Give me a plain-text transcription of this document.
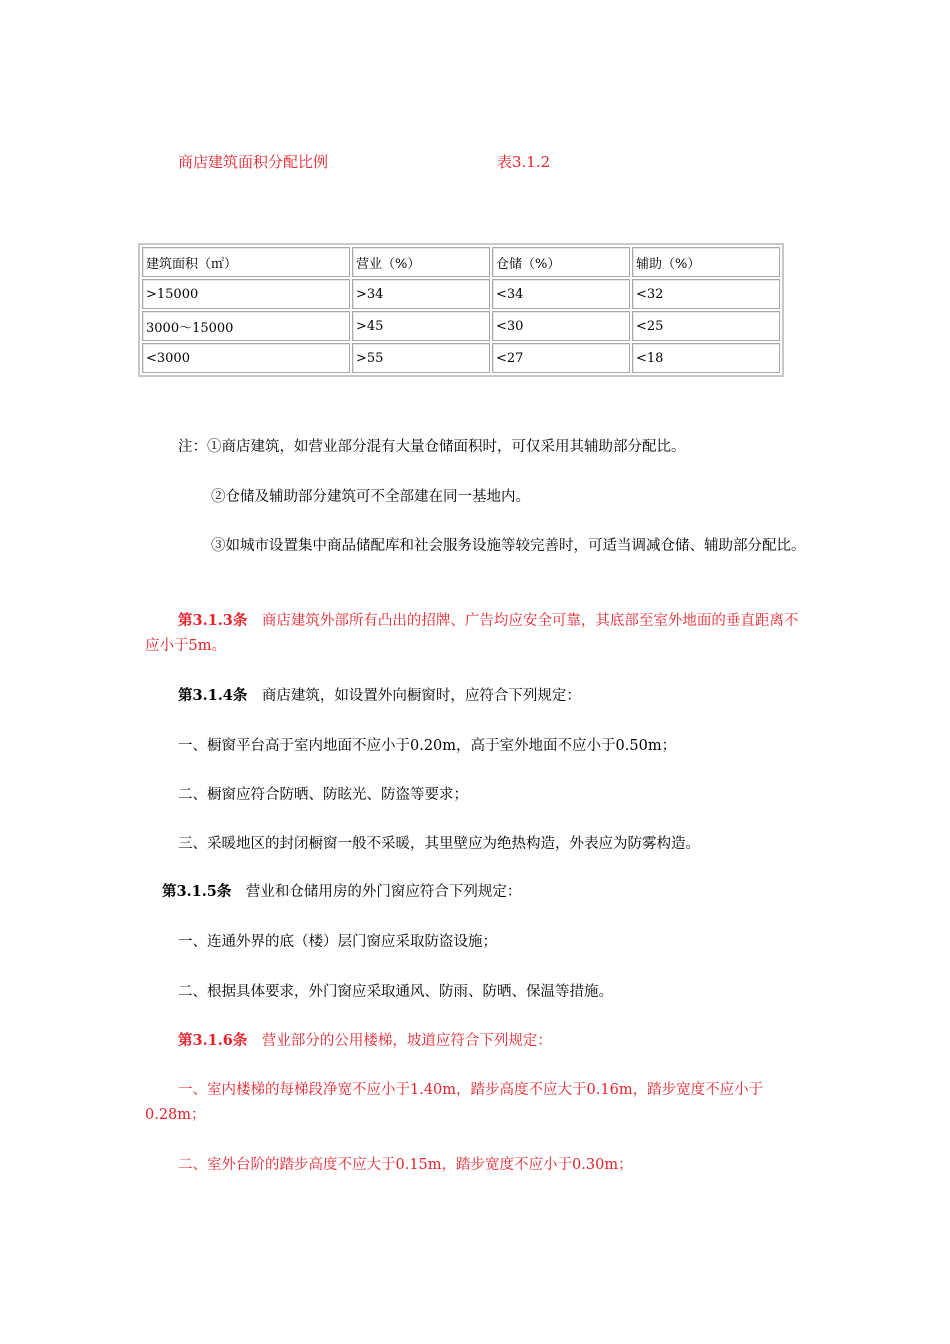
商店建筑面积分配比例	表3.1.2
建筑面积（㎡）	营业（%）	仓储（%）	辅助（%）
>15000	>34	<34	<32
3000～15000	>45	<30	<25
<3000	>55	<27	<18
注：①商店建筑，如营业部分混有大量仓储面积时，可仅采用其辅助部分配比。
②仓储及辅助部分建筑可不全部建在同一基地内。
③如城市设置集中商品储配库和社会服务设施等较完善时，可适当调减仓储、辅助部分配比。
第3.1.3条　 商店建筑外部所有凸出的招牌、广告均应安全可靠，其底部至室外地面的垂直距离不应小于5m。
第3.1.4条　 商店建筑，如设置外向橱窗时，应符合下列规定：
一、橱窗平台高于室内地面不应小于0.20m，高于室外地面不应小于0.50m；
二、橱窗应符合防晒、防眩光、防盗等要求；
三、采暖地区的封闭橱窗一般不采暖，其里壁应为绝热构造，外表应为防雾构造。
第3.1.5条　 营业和仓储用房的外门窗应符合下列规定：
一、连通外界的底（楼）层门窗应采取防盗设施；
二、根据具体要求，外门窗应采取通风、防雨、防晒、保温等措施。
第3.1.6条　 营业部分的公用楼梯，坡道应符合下列规定：
一、室内楼梯的每梯段净宽不应小于1.40m，踏步高度不应大于0.16m，踏步宽度不应小于0.28m；
二、室外台阶的踏步高度不应大于0.15m，踏步宽度不应小于0.30m；
